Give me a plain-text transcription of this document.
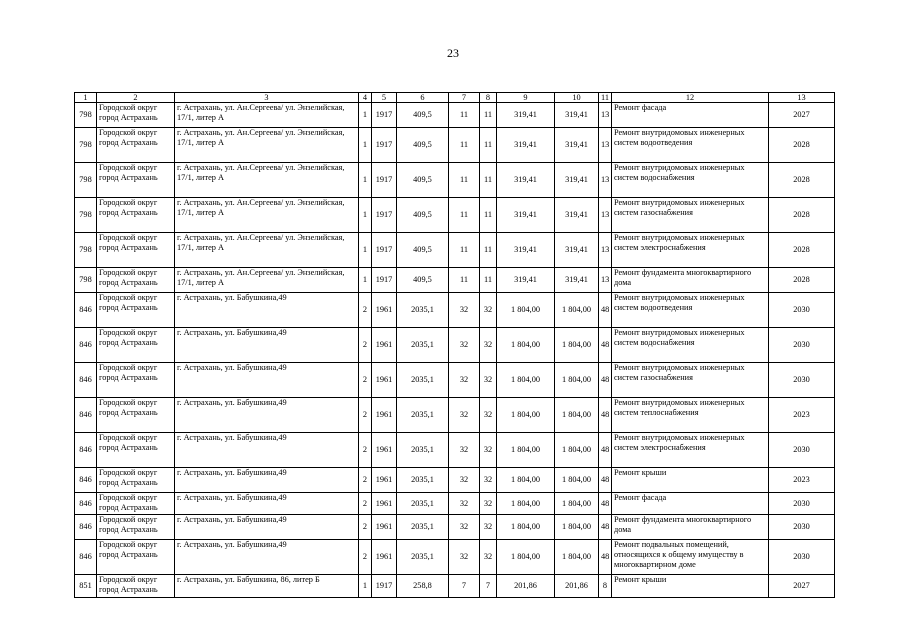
23
1	2	3	4	5	6	7	8	9	10	11	12	13
798	Городской округ город Астрахань	г. Астрахань, ул. Ан.Сергеева/ ул. Энзелийская, 17/1, литер А	1	1917	409,5	11	11	319,41	319,41	13	Ремонт фасада	2027
798	Городской округ город Астрахань	г. Астрахань, ул. Ан.Сергеева/ ул. Энзелийская, 17/1, литер А	1	1917	409,5	11	11	319,41	319,41	13	Ремонт внутридомовых инженерных систем водоотведения	2028
798	Городской округ город Астрахань	г. Астрахань, ул. Ан.Сергеева/ ул. Энзелийская, 17/1, литер А	1	1917	409,5	11	11	319,41	319,41	13	Ремонт внутридомовых инженерных систем водоснабжения	2028
798	Городской округ город Астрахань	г. Астрахань, ул. Ан.Сергеева/ ул. Энзелийская, 17/1, литер А	1	1917	409,5	11	11	319,41	319,41	13	Ремонт внутридомовых инженерных систем газоснабжения	2028
798	Городской округ город Астрахань	г. Астрахань, ул. Ан.Сергеева/ ул. Энзелийская, 17/1, литер А	1	1917	409,5	11	11	319,41	319,41	13	Ремонт внутридомовых инженерных систем электроснабжения	2028
798	Городской округ город Астрахань	г. Астрахань, ул. Ан.Сергеева/ ул. Энзелийская, 17/1, литер А	1	1917	409,5	11	11	319,41	319,41	13	Ремонт фундамента многоквартирного дома	2028
846	Городской округ город Астрахань	г. Астрахань, ул. Бабушкина,49	2	1961	2035,1	32	32	1 804,00	1 804,00	48	Ремонт внутридомовых инженерных систем водоотведения	2030
846	Городской округ город Астрахань	г. Астрахань, ул. Бабушкина,49	2	1961	2035,1	32	32	1 804,00	1 804,00	48	Ремонт внутридомовых инженерных систем водоснабжения	2030
846	Городской округ город Астрахань	г. Астрахань, ул. Бабушкина,49	2	1961	2035,1	32	32	1 804,00	1 804,00	48	Ремонт внутридомовых инженерных систем газоснабжения	2030
846	Городской округ город Астрахань	г. Астрахань, ул. Бабушкина,49	2	1961	2035,1	32	32	1 804,00	1 804,00	48	Ремонт внутридомовых инженерных систем теплоснабжения	2023
846	Городской округ город Астрахань	г. Астрахань, ул. Бабушкина,49	2	1961	2035,1	32	32	1 804,00	1 804,00	48	Ремонт внутридомовых инженерных систем электроснабжения	2030
846	Городской округ город Астрахань	г. Астрахань, ул. Бабушкина,49	2	1961	2035,1	32	32	1 804,00	1 804,00	48	Ремонт крыши	2023
846	Городской округ город Астрахань	г. Астрахань, ул. Бабушкина,49	2	1961	2035,1	32	32	1 804,00	1 804,00	48	Ремонт фасада	2030
846	Городской округ город Астрахань	г. Астрахань, ул. Бабушкина,49	2	1961	2035,1	32	32	1 804,00	1 804,00	48	Ремонт фундамента многоквартирного дома	2030
846	Городской округ город Астрахань	г. Астрахань, ул. Бабушкина,49	2	1961	2035,1	32	32	1 804,00	1 804,00	48	Ремонт подвальных помещений, относящихся к общему имуществу в многоквартирном доме	2030
851	Городской округ город Астрахань	г. Астрахань, ул. Бабушкина, 86, литер Б	1	1917	258,8	7	7	201,86	201,86	8	Ремонт крыши	2027
